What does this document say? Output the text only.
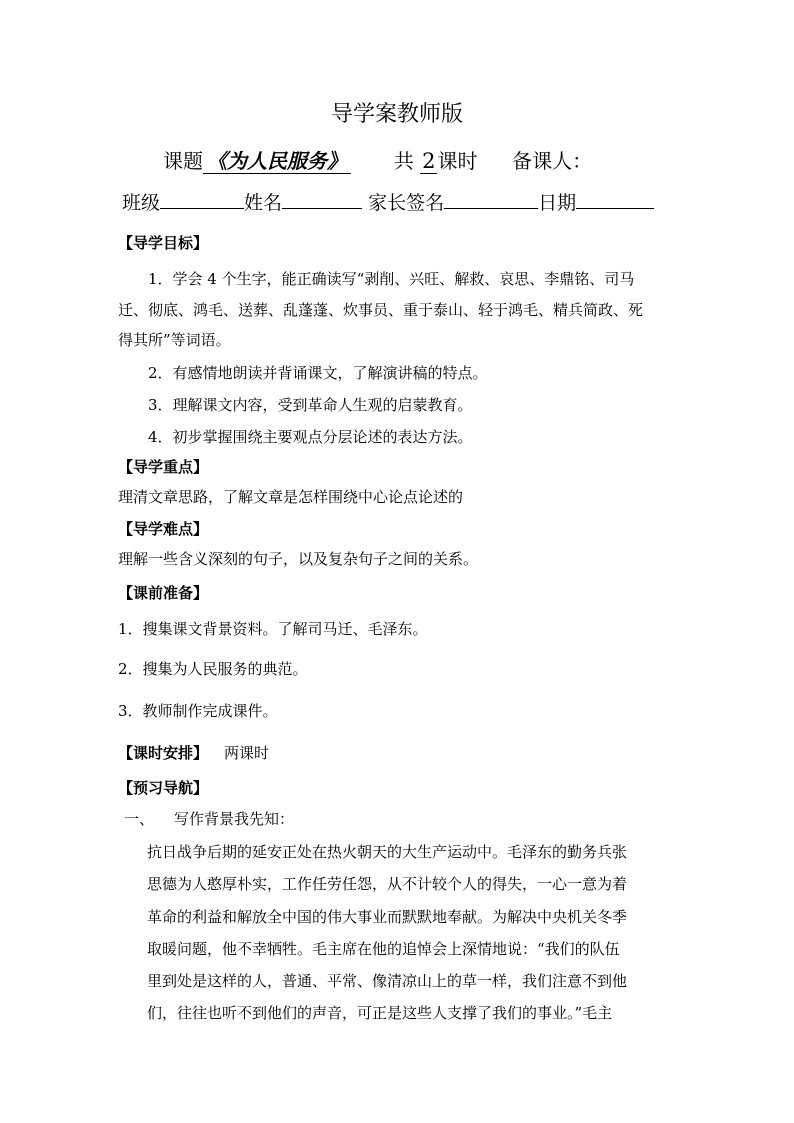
导学案教师版
课题 《为人民服务》 共 2 课时 备课人：
班级	姓名	家长签名	日期
【导学目标】
1．学会 4 个生字，能正确读写“剥削、兴旺、解救、哀思、李鼎铭、司马
迁、彻底、鸿毛、送葬、乱蓬蓬、炊事员、重于泰山、轻于鸿毛、精兵简政、死
得其所”等词语。
2．有感情地朗读并背诵课文，了解演讲稿的特点。
3．理解课文内容，受到革命人生观的启蒙教育。
4．初步掌握围绕主要观点分层论述的表达方法。
【导学重点】
理清文章思路，了解文章是怎样围绕中心论点论述的
【导学难点】
理解一些含义深刻的句子，以及复杂句子之间的关系。
【课前准备】
1．搜集课文背景资料。了解司马迁、毛泽东。
2．搜集为人民服务的典范。
3．教师制作完成课件。
【课时安排】 两课时
【预习导航】
一、 写作背景我先知：
抗日战争后期的延安正处在热火朝天的大生产运动中。毛泽东的勤务兵张
思德为人憨厚朴实，工作任劳任怨，从不计较个人的得失，一心一意为着
革命的利益和解放全中国的伟大事业而默默地奉献。为解决中央机关冬季
取暖问题，他不幸牺牲。毛主席在他的追悼会上深情地说：“我们的队伍
里到处是这样的人，普通、平常、像清凉山上的草一样，我们注意不到他
们，往往也听不到他们的声音，可正是这些人支撑了我们的事业。”毛主
